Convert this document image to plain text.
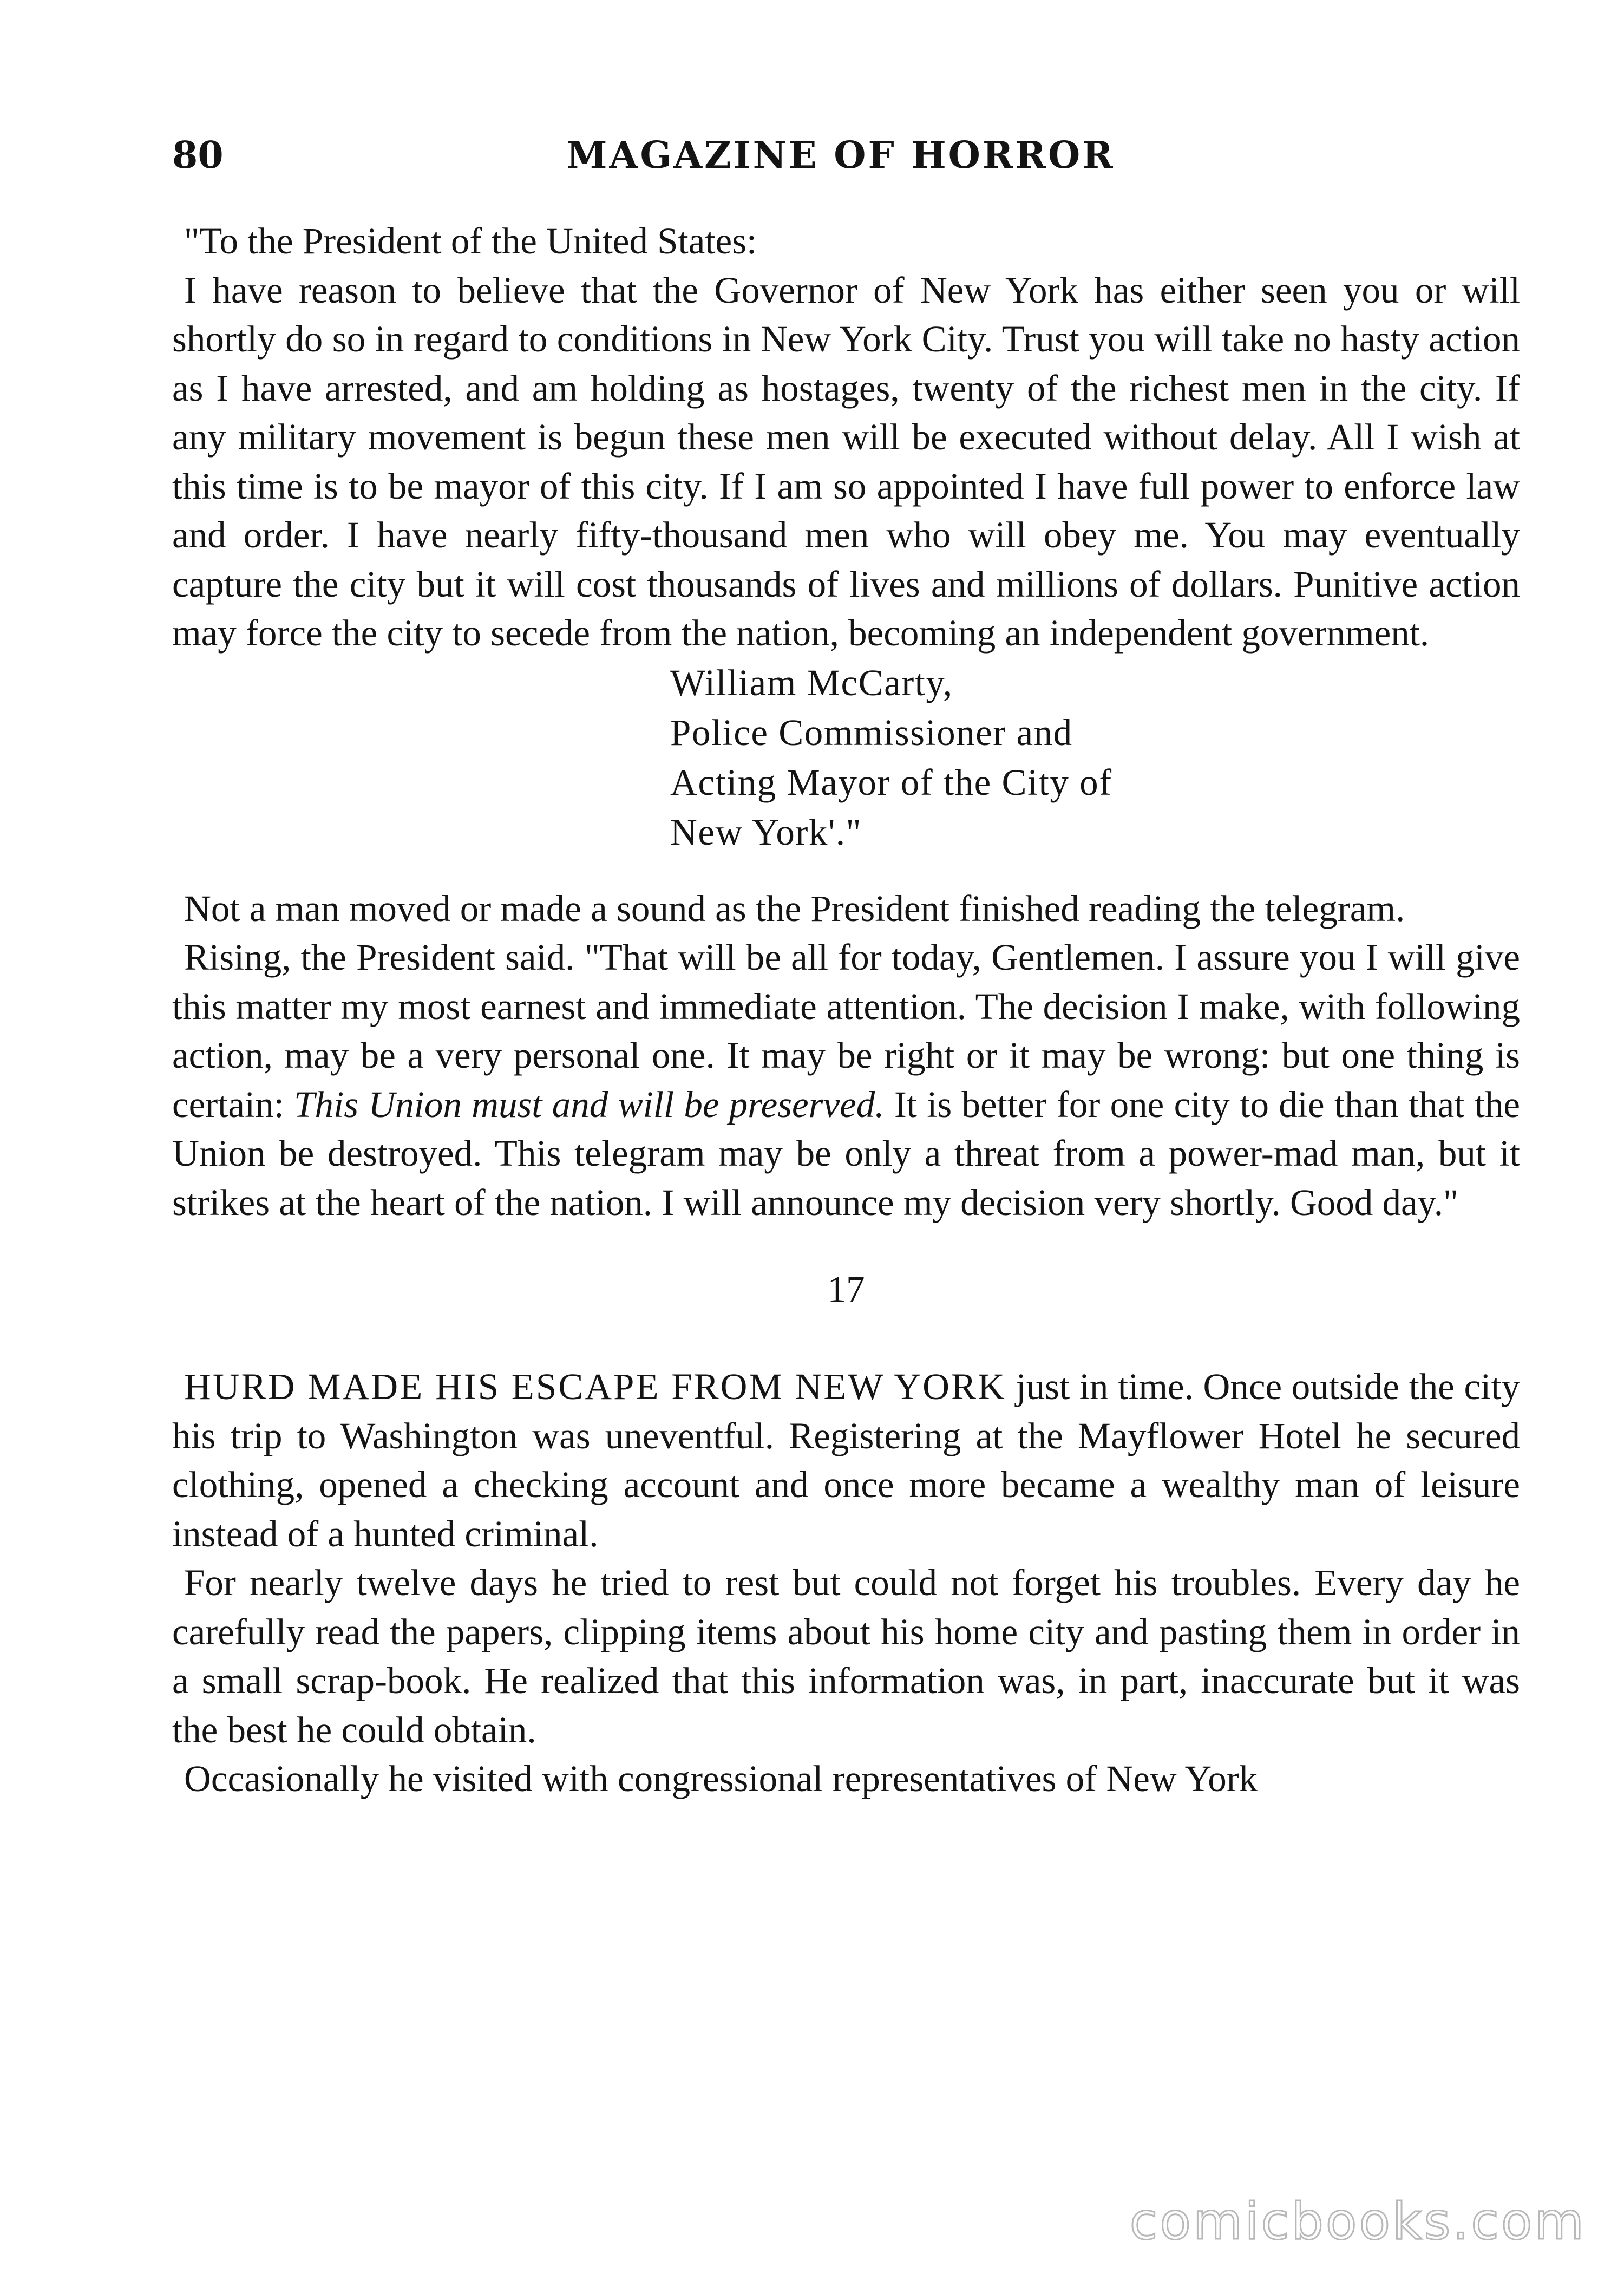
80	MAGAZINE OF HORROR

"To the President of the United States:

I have reason to believe that the Governor of New York has either seen you or will shortly do so in regard to conditions in New York City. Trust you will take no hasty action as I have arrested, and am holding as hostages, twenty of the richest men in the city. If any military movement is begun these men will be executed without delay. All I wish at this time is to be mayor of this city. If I am so appointed I have full power to enforce law and order. I have nearly fifty-thousand men who will obey me. You may eventually capture the city but it will cost thousands of lives and millions of dollars. Punitive action may force the city to secede from the nation, becoming an independent government.

William McCarty,
Police Commissioner and
Acting Mayor of the City of
New York'."

Not a man moved or made a sound as the President finished reading the telegram.

Rising, the President said. "That will be all for today, Gentlemen. I assure you I will give this matter my most earnest and immediate attention. The decision I make, with following action, may be a very personal one. It may be right or it may be wrong: but one thing is certain: This Union must and will be preserved. It is better for one city to die than that the Union be destroyed. This telegram may be only a threat from a power-mad man, but it strikes at the heart of the nation. I will announce my decision very shortly. Good day."

17

HURD MADE HIS ESCAPE FROM NEW YORK just in time. Once outside the city his trip to Washington was uneventful. Registering at the Mayflower Hotel he secured clothing, opened a checking account and once more became a wealthy man of leisure instead of a hunted criminal.

For nearly twelve days he tried to rest but could not forget his troubles. Every day he carefully read the papers, clipping items about his home city and pasting them in order in a small scrap-book. He realized that this information was, in part, inaccurate but it was the best he could obtain.

Occasionally he visited with congressional representatives of New York

comicbooks.com
